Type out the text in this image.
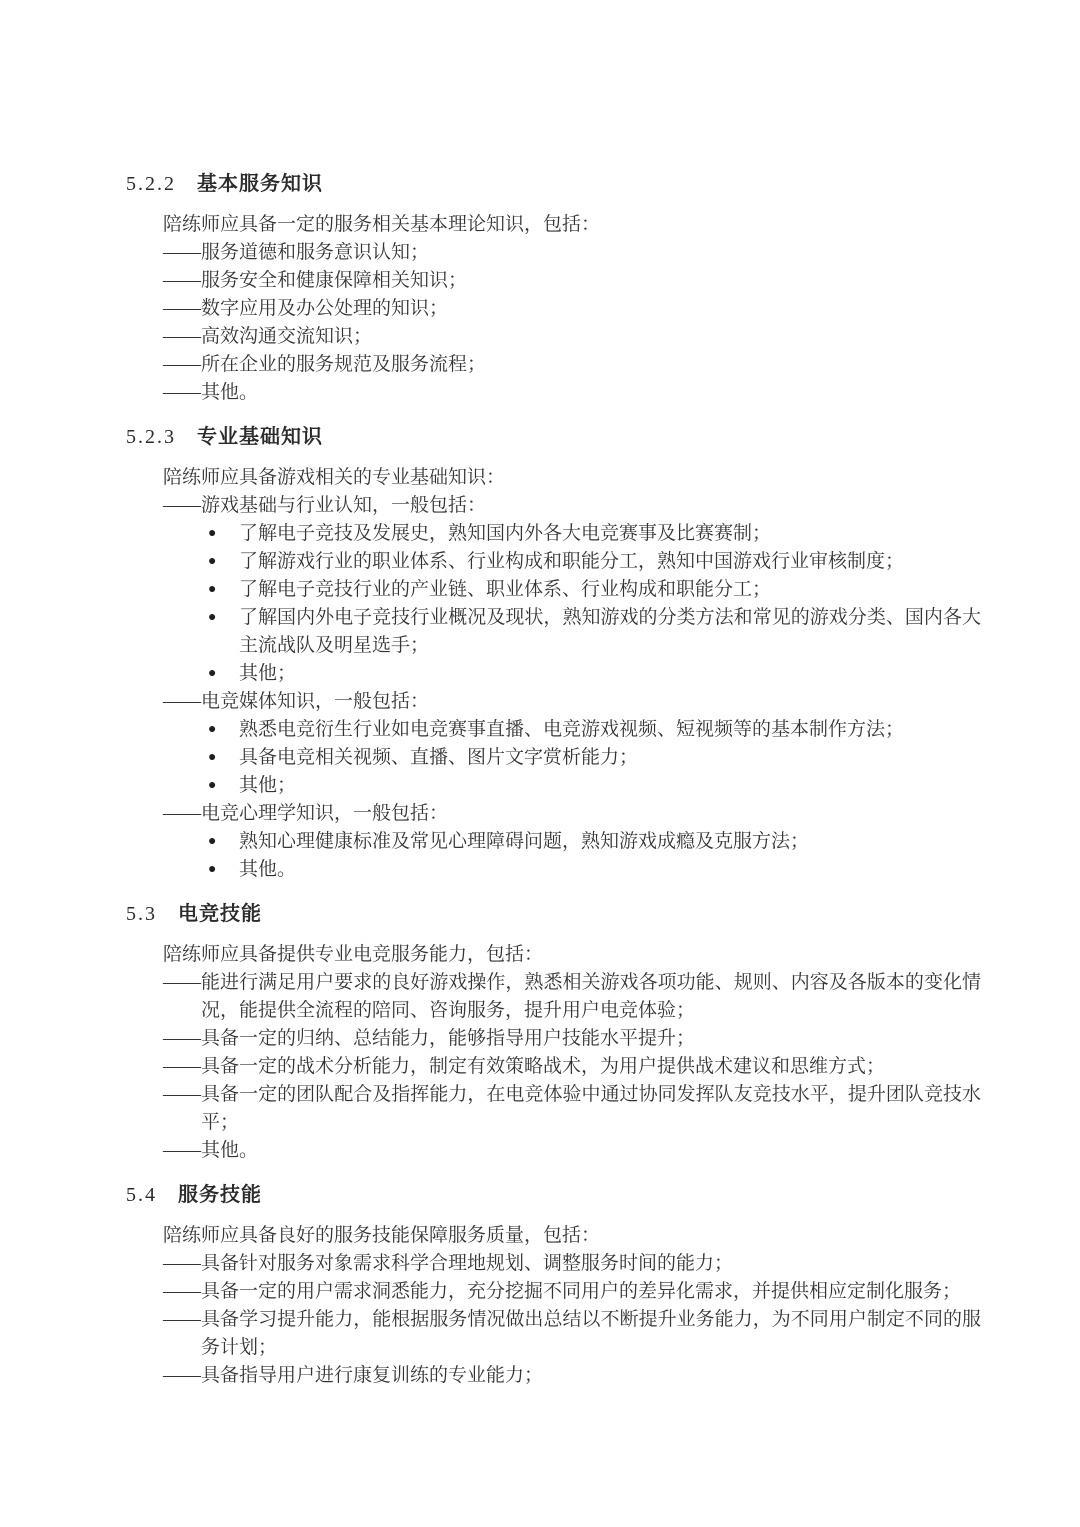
5.2.2 基本服务知识

陪练师应具备一定的服务相关基本理论知识，包括：

——服务道德和服务意识认知；

——服务安全和健康保障相关知识；

——数字应用及办公处理的知识；

——高效沟通交流知识；

——所在企业的服务规范及服务流程；

——其他。

5.2.3 专业基础知识

陪练师应具备游戏相关的专业基础知识：

——游戏基础与行业认知，一般包括：

●	了解电子竞技及发展史，熟知国内外各大电竞赛事及比赛赛制；

●	了解游戏行业的职业体系、行业构成和职能分工，熟知中国游戏行业审核制度；

●	了解电子竞技行业的产业链、职业体系、行业构成和职能分工；

●	了解国内外电子竞技行业概况及现状，熟知游戏的分类方法和常见的游戏分类、国内各大主流战队及明星选手；

●	其他；

——电竞媒体知识，一般包括：

●	熟悉电竞衍生行业如电竞赛事直播、电竞游戏视频、短视频等的基本制作方法；

●	具备电竞相关视频、直播、图片文字赏析能力；

●	其他；

——电竞心理学知识，一般包括：

●	熟知心理健康标准及常见心理障碍问题，熟知游戏成瘾及克服方法；

●	其他。

5.3 电竞技能

陪练师应具备提供专业电竞服务能力，包括：

——能进行满足用户要求的良好游戏操作，熟悉相关游戏各项功能、规则、内容及各版本的变化情况，能提供全流程的陪同、咨询服务，提升用户电竞体验；

——具备一定的归纳、总结能力，能够指导用户技能水平提升；

——具备一定的战术分析能力，制定有效策略战术，为用户提供战术建议和思维方式；

——具备一定的团队配合及指挥能力，在电竞体验中通过协同发挥队友竞技水平，提升团队竞技水平；

——其他。

5.4 服务技能

陪练师应具备良好的服务技能保障服务质量，包括：

——具备针对服务对象需求科学合理地规划、调整服务时间的能力；

——具备一定的用户需求洞悉能力，充分挖掘不同用户的差异化需求，并提供相应定制化服务；

——具备学习提升能力，能根据服务情况做出总结以不断提升业务能力，为不同用户制定不同的服务计划；

——具备指导用户进行康复训练的专业能力；
